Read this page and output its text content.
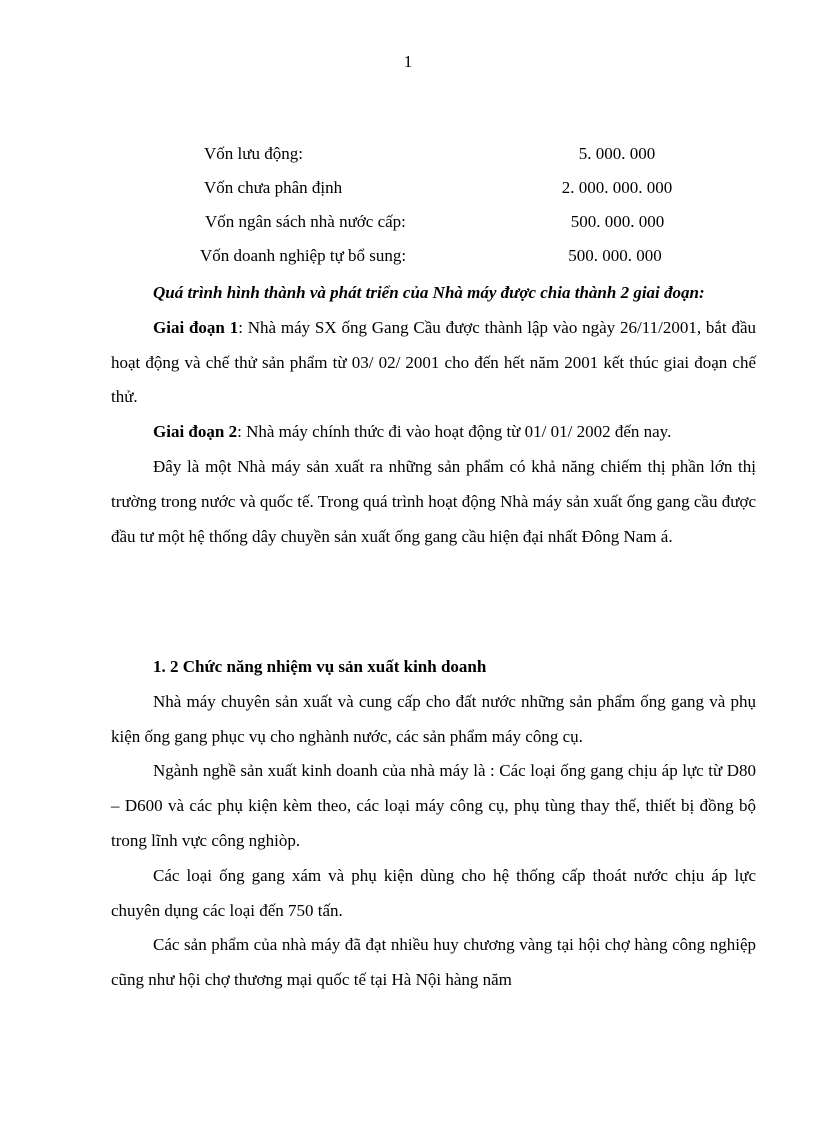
1
Vốn lưu động:	5. 000. 000
Vốn chưa phân định	2. 000. 000. 000
Vốn ngân sách nhà nước cấp:	500. 000. 000
Vốn doanh nghiệp tự bổ sung:	500. 000. 000

Quá trình hình thành và phát triển của Nhà máy được chia thành 2 giai đoạn:

Giai đoạn 1: Nhà máy SX ống Gang Cầu được thành lập vào ngày 26/11/2001, bắt đầu hoạt động và chế thử sản phẩm từ 03/ 02/ 2001 cho đến hết năm 2001 kết thúc giai đoạn chế thử.

Giai đoạn 2: Nhà máy chính thức đi vào hoạt động từ 01/ 01/ 2002 đến nay.

Đây là một Nhà máy sản xuất ra những sản phẩm có khả năng chiếm thị phần lớn thị trường trong nước và quốc tế. Trong quá trình hoạt động Nhà máy sản xuất ống gang cầu được đầu tư một hệ thống dây chuyền sản xuất ống gang cầu hiện đại nhất Đông Nam á.

1. 2 Chức năng nhiệm vụ sản xuất kinh doanh

Nhà máy chuyên sản xuất và cung cấp cho đất nước những sản phẩm ống gang và phụ kiện ống gang phục vụ cho nghành nước, các sản phẩm máy công cụ.

Ngành nghề sản xuất kinh doanh của nhà máy là : Các loại ống gang chịu áp lực từ D80 – D600 và các phụ kiện kèm theo, các loại máy công cụ, phụ tùng thay thế, thiết bị đồng bộ trong lĩnh vực công nghiòp.

Các loại ống gang xám và phụ kiện dùng cho hệ thống cấp thoát nước chịu áp lực chuyên dụng các loại đến 750 tấn.

Các sản phẩm của nhà máy đã đạt nhiều huy chương vàng tại hội chợ hàng công nghiệp cũng như hội chợ thương mại quốc tế tại Hà Nội hàng năm
